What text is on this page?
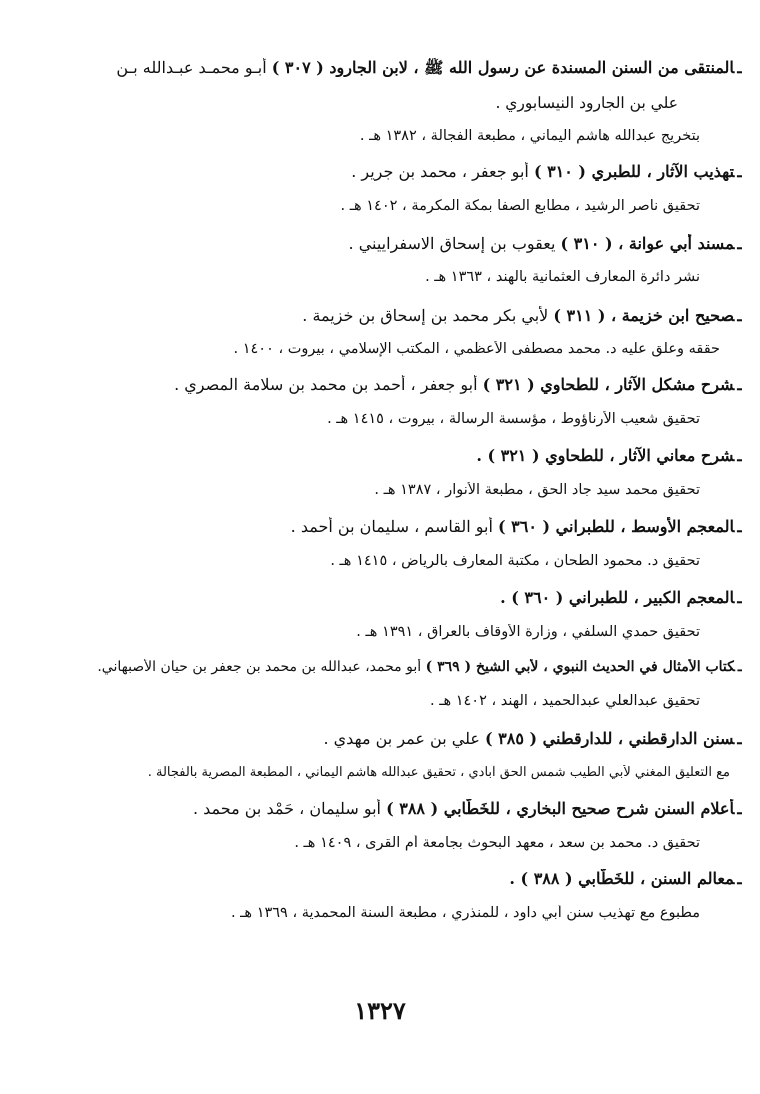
ـالمنتقى من السنن المسندة عن رسول الله ﷺ ، لابن الجارود ( ٣٠٧ ) أبـو محمـد عبـدالله بـن
علي بن الجارود النيسابوري .
بتخريج عبدالله هاشم اليماني ، مطبعة الفجالة ، ١٣٨٢ هـ .
ـتهذيب الآثار ، للطبري ( ٣١٠ ) أبو جعفر ، محمد بن جرير .
تحقيق ناصر الرشيد ، مطابع الصفا بمكة المكرمة ، ١٤٠٢ هـ .
ـمسند أبي عوانة ، ( ٣١٠ ) يعقوب بن إسحاق الاسفراييني .
نشر دائرة المعارف العثمانية بالهند ، ١٣٦٣ هـ .
ـصحيح ابن خزيمة ، ( ٣١١ ) لأبي بكر محمد بن إسحاق بن خزيمة .
حققه وعلق عليه د. محمد مصطفى الأعظمي ، المكتب الإسلامي ، بيروت ، ١٤٠٠ .
ـشرح مشكل الآثار ، للطحاوي ( ٣٢١ ) أبو جعفر ، أحمد بن محمد بن سلامة المصري .
تحقيق شعيب الأرناؤوط ، مؤسسة الرسالة ، بيروت ، ١٤١٥ هـ .
ـشرح معاني الآثار ، للطحاوي ( ٣٢١ ) .
تحقيق محمد سيد جاد الحق ، مطبعة الأنوار ، ١٣٨٧ هـ .
ـالمعجم الأوسط ، للطبراني ( ٣٦٠ ) أبو القاسم ، سليمان بن أحمد .
تحقيق د. محمود الطحان ، مكتبة المعارف بالرياض ، ١٤١٥ هـ .
ـالمعجم الكبير ، للطبراني ( ٣٦٠ ) .
تحقيق حمدي السلفي ، وزارة الأوقاف بالعراق ، ١٣٩١ هـ .
ـكتاب الأمثال في الحديث النبوي ، لأبي الشيخ ( ٣٦٩ ) أبو محمد، عبدالله بن محمد بن جعفر بن حيان الأصبهاني.
تحقيق عبدالعلي عبدالحميد ، الهند ، ١٤٠٢ هـ .
ـسنن الدارقطني ، للدارقطني ( ٣٨٥ ) علي بن عمر بن مهدي .
مع التعليق المغني لأبي الطيب شمس الحق آبادي ، تحقيق عبدالله هاشم اليماني ، المطبعة المصرية بالفجالة .
ـأعلام السنن شرح صحيح البخاري ، للخَطَّابي ( ٣٨٨ ) أبو سليمان ، حَمْد بن محمد .
تحقيق د. محمد بن سعد ، معهد البحوث بجامعة أم القرى ، ١٤٠٩ هـ .
ـمعالم السنن ، للخَطَّابي ( ٣٨٨ ) .
مطبوع مع تهذيب سنن أبي داود ، للمنذري ، مطبعة السنة المحمدية ، ١٣٦٩ هـ .
١٣٢٧
